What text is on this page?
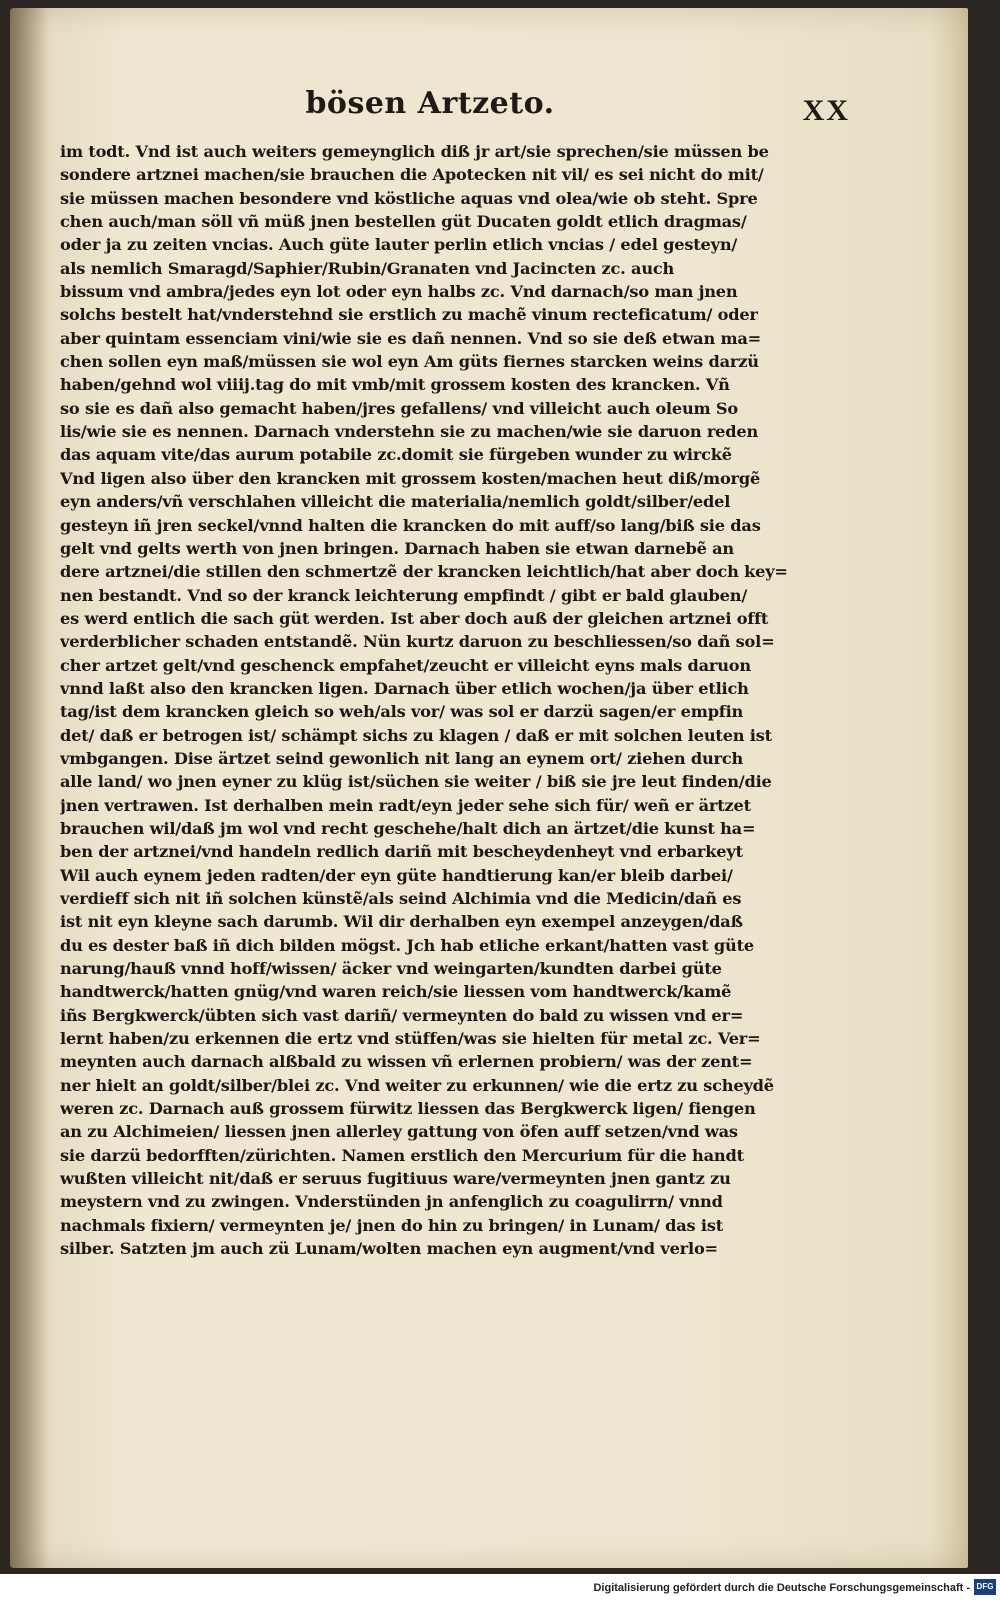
bösen Artzeto.	XX
im todt. Vnd ist auch weiters gemeynglich diß jr art/sie sprechen/sie müssen be
sondere artznei machen/sie brauchen die Apotecken nit vil/ es sei nicht do mit/
sie müssen machen besondere vnd köstliche aquas vnd olea/wie ob steht. Spre
chen auch/man söll vñ müß jnen bestellen güt Ducaten goldt etlich dragmas/
oder ja zu zeiten vncias. Auch güte lauter perlin etlich vncias / edel gesteyn/
als nemlich Smaragd/Saphier/Rubin/Granaten vnd Jacincten zc. auch
bissum vnd ambra/jedes eyn lot oder eyn halbs zc. Vnd darnach/so man jnen
solchs bestelt hat/vnderstehnd sie erstlich zu machẽ vinum recteficatum/ oder
aber quintam essenciam vini/wie sie es dañ nennen. Vnd so sie deß etwan ma=
chen sollen eyn maß/müssen sie wol eyn Am güts fiernes starcken weins darzü
haben/gehnd wol viiij.tag do mit vmb/mit grossem kosten des krancken. Vñ
so sie es dañ also gemacht haben/jres gefallens/ vnd villeicht auch oleum So
lis/wie sie es nennen. Darnach vnderstehn sie zu machen/wie sie daruon reden
das aquam vite/das aurum potabile zc.domit sie fürgeben wunder zu wirckẽ
Vnd ligen also über den krancken mit grossem kosten/machen heut diß/morgẽ
eyn anders/vñ verschlahen villeicht die materialia/nemlich goldt/silber/edel
gesteyn iñ jren seckel/vnnd halten die krancken do mit auff/so lang/biß sie das
gelt vnd gelts werth von jnen bringen. Darnach haben sie etwan darnebẽ an
dere artznei/die stillen den schmertzẽ der krancken leichtlich/hat aber doch key=
nen bestandt. Vnd so der kranck leichterung empfindt / gibt er bald glauben/
es werd entlich die sach güt werden. Ist aber doch auß der gleichen artznei offt
verderblicher schaden entstandẽ. Nün kurtz daruon zu beschliessen/so dañ sol=
cher artzet gelt/vnd geschenck empfahet/zeucht er villeicht eyns mals daruon
vnnd laßt also den krancken ligen. Darnach über etlich wochen/ja über etlich
tag/ist dem krancken gleich so weh/als vor/ was sol er darzü sagen/er empfin
det/ daß er betrogen ist/ schämpt sichs zu klagen / daß er mit solchen leuten ist
vmbgangen. Dise ärtzet seind gewonlich nit lang an eynem ort/ ziehen durch
alle land/ wo jnen eyner zu klüg ist/süchen sie weiter / biß sie jre leut finden/die
jnen vertrawen. Ist derhalben mein radt/eyn jeder sehe sich für/ weñ er ärtzet
brauchen wil/daß jm wol vnd recht geschehe/halt dich an ärtzet/die kunst ha=
ben der artznei/vnd handeln redlich dariñ mit bescheydenheyt vnd erbarkeyt
Wil auch eynem jeden radten/der eyn güte handtierung kan/er bleib darbei/
verdieff sich nit iñ solchen künstẽ/als seind Alchimia vnd die Medicin/dañ es
ist nit eyn kleyne sach darumb. Wil dir derhalben eyn exempel anzeygen/daß
du es dester baß iñ dich bilden mögst. Jch hab etliche erkant/hatten vast güte
narung/hauß vnnd hoff/wissen/ äcker vnd weingarten/kundten darbei güte
handtwerck/hatten gnüg/vnd waren reich/sie liessen vom handtwerck/kamẽ
iñs Bergkwerck/übten sich vast dariñ/ vermeynten do bald zu wissen vnd er=
lernt haben/zu erkennen die ertz vnd stüffen/was sie hielten für metal zc. Ver=
meynten auch darnach alßbald zu wissen vñ erlernen probiern/ was der zent=
ner hielt an goldt/silber/blei zc. Vnd weiter zu erkunnen/ wie die ertz zu scheydẽ
weren zc. Darnach auß grossem fürwitz liessen das Bergkwerck ligen/ fiengen
an zu Alchimeien/ liessen jnen allerley gattung von öfen auff setzen/vnd was
sie darzü bedorfften/zürichten. Namen erstlich den Mercurium für die handt
wußten villeicht nit/daß er seruus fugitiuus ware/vermeynten jnen gantz zu
meystern vnd zu zwingen. Vnderstünden jn anfenglich zu coagulirrn/ vnnd
nachmals fixiern/ vermeynten je/ jnen do hin zu bringen/ in Lunam/ das ist
silber. Satzten jm auch zü Lunam/wolten machen eyn augment/vnd verlo=
Digitalisierung gefördert durch die Deutsche Forschungsgemeinschaft - DFG
